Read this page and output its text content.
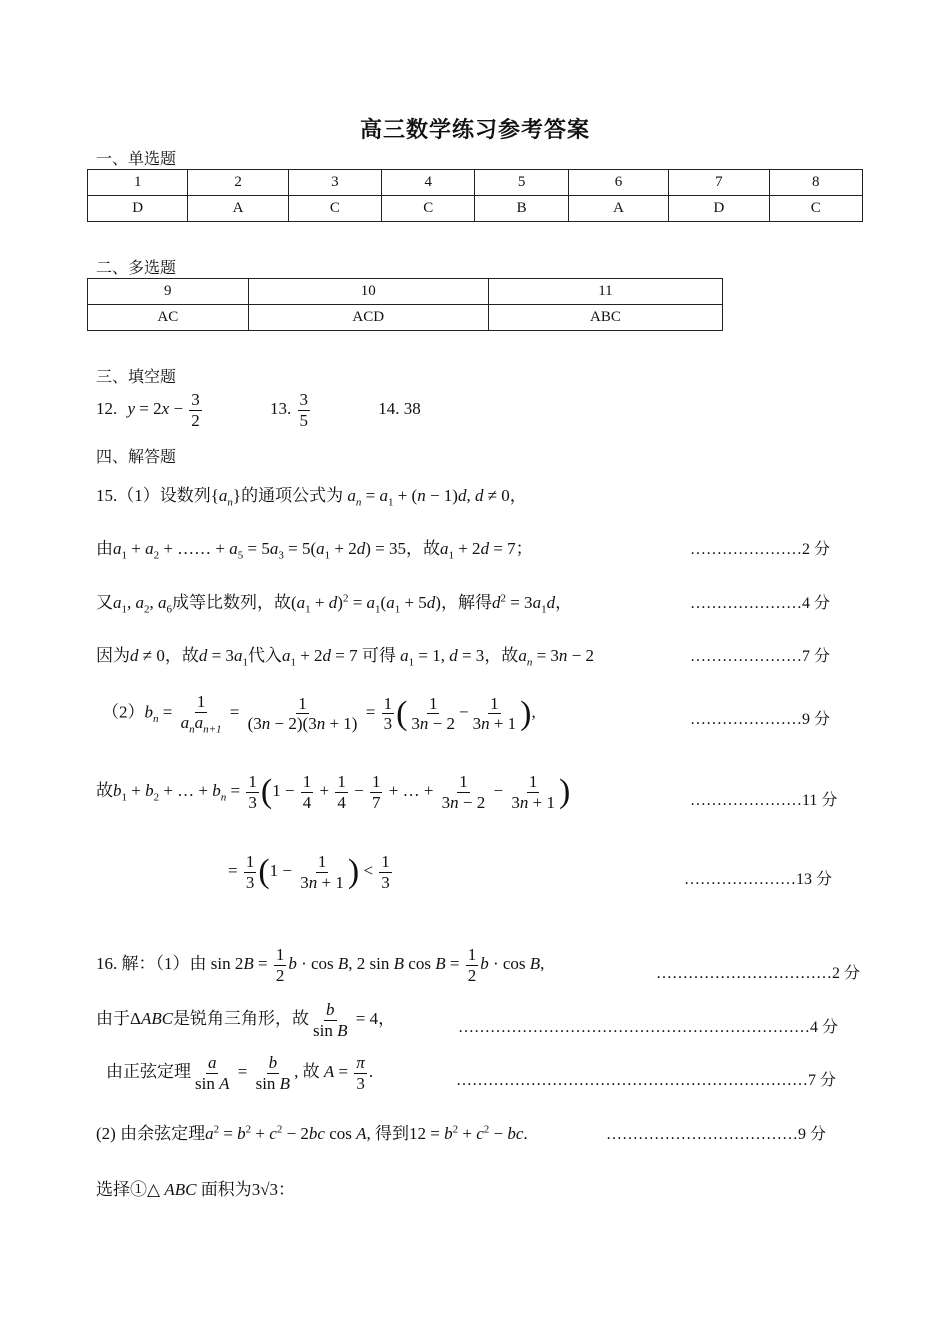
高三数学练习参考答案
一、单选题
1	2	3	4	5	6	7	8
D	A	C	C	B	A	D	C
二、多选题
9	10	11
AC	ACD	ABC
三、填空题
12. $y = 2x - \frac{3}{2}$	13. $\frac{3}{5}$	14. 38
四、解答题
15.（1）设数列$\{a_n\}$的通项公式为 $a_n = a_1 + (n - 1)d$, d ≠ 0，
由$a_1 + a_2$ + …… + $a_5 = 5a_3 = 5(a_1 + 2d) = 35$，故$a_1 + 2d = 7$；	…………………2 分
又$a_1$, $a_2$, $a_6$成等比数列，故$(a_1 + d)^2 = a_1(a_1 + 5d)$，解得$d^2 = 3a_1d$，	…………………4 分
因为d ≠ 0，故$d = 3a_1$代入$a_1 + 2d = 7$ 可得 $a_1 = 1$, d = 3，故$a_n = 3n - 2$	…………………7 分
$(2)b_n = \frac{1}{a_na_{n+1}} = \frac{1}{(3n - 2)(3n + 1)} = \frac{1}{3}$ ( $\frac{1}{3n - 2} - \frac{1}{3n + 1}$ ),	…………………9 分
故$b_1 + b_2$ + … + $b_n = \frac{1}{3} (1 - \frac{1}{4} + \frac{1}{4} - \frac{1}{7}$ + … + $\frac{1}{3n - 2} - \frac{1}{3n + 1}$ )	…………………11 分
= $\frac{1}{3} (1 - \frac{1}{3n + 1}$ ) < $\frac{1}{3}$	…………………13 分
16. 解：（1）由 $\sin 2B = \frac{1}{2}$ b · cos B, 2 sin B $\cos B = \frac{1}{2}$ b · cos B,
……………………………2 分
由于ΔABC是锐角三角形，故 $\frac{b}{\text{sin B}} = 4$，	…………………………………………………………4 分
由正弦定理 $\frac{a}{\text{sin A}} = \frac{b}{\text{sin B}}$ , 故 $A = \frac{\pi}{3}$ .	…………………………………………………………7 分
(2) 由余弦定理$a^2 = b^2 + c^2 - 2bc$ cos A, 得到$12 = b^2 + c^2$ − bc.	………………………………9 分
选择①△ ABC 面积为3√3：
